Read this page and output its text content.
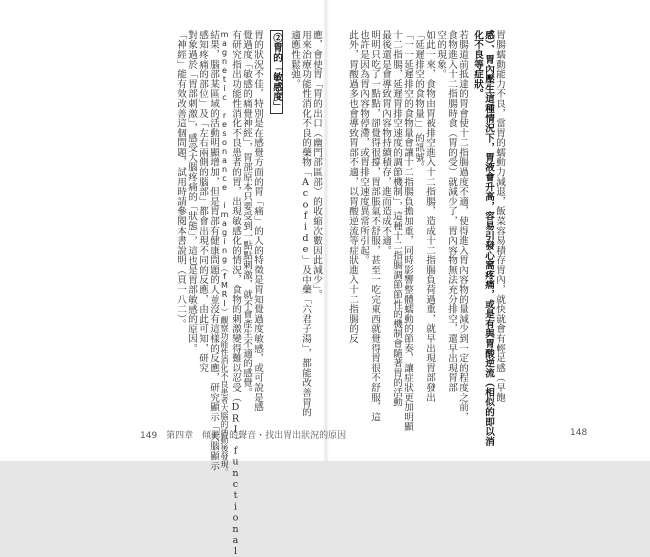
應，會使胃「胃的出口（幽門部區部）的收縮次數因此減少」。
用來治療功能性消化不良的藥物「Acofide」及中藥「六君子湯」，都能改善胃的
適應性鬆弛。
②胃的「敏感度」
胃的狀況不佳，特別是在感覺方面的胃「痛」的人的特徵是胃知覺過度敏感，或可說是感
覺過度「敏感的痛覺神經」，胃部原本只要受到一點點刺激，就不會產生不適的感覺。
有研究指出功能性消化不良患者的胃，出現敏感化的情況，食物的刺激變得難以忍受（DRI）functional
magnetic resonance imaging（fMRI）觀察功能性消化不良患者大腦的活動後發現。
結果，腦部某區域的活動明顯增加，但是胃部有健康問題的人並沒有這樣的反應，研究顯示「大腦顯示
感知疼痛的部位」及「左右兩側的腦部」都會出現不同的反應，由此可知，研究
對象過於「胃部刺激」，感受大腦疼痛的「狀態」，這也是胃部敏感的原因。
「神經」能有效改善這個問題，試用時請參閱本書說明（頁一八二）。	胃腸蠕動能力不良，當胃的蠕動力減退，飯菜容易積存胃內，就快就會有輕足感（早飽
感）、胃內壓生這種情況下，胃液會升高，容易引發心窩疼痛，或是有與胃酸逆流（相似的即以消
化不良等症狀。
若腸道前抵達的胃會使十二指腸過度不適，使得進入胃內容物的量減少到一定的程度之前，
食物進入十二指腸時食（胃的受）就減少了，胃內容物無法充分排空，還早出現胃部
空的現象。
如此一來，食物由胃被排空進入十二指腸，造成十二指腸負荷過重，就早出現胃部發出
「延遲排空的食物量」」的訊號。
「一一延遲排空的食物量會讓十二指腸負擔加重，同時影響整體蠕動的節奏，讓症狀更加明顯
十二指腸，延遲胃排空速度的調節機制」，這種十二指腸調節節性的機制會隨著胃的活動
最後還是會導致胃內容物持續積存，進而造成不適。
明明只吃了一點點，卻覺得很撐，胃部脹氣不舒服，甚至一吃完東西就覺得胃很不舒服，這
也許是因為胃內容物停滯，或胃排空速度異常所引起。
此外，胃酸過多也會導致胃部不適，以胃酸逆流等症狀進入十二指腸的反
149 第四章　傾聽胃的聲音・找出胃出狀況的原因	148
